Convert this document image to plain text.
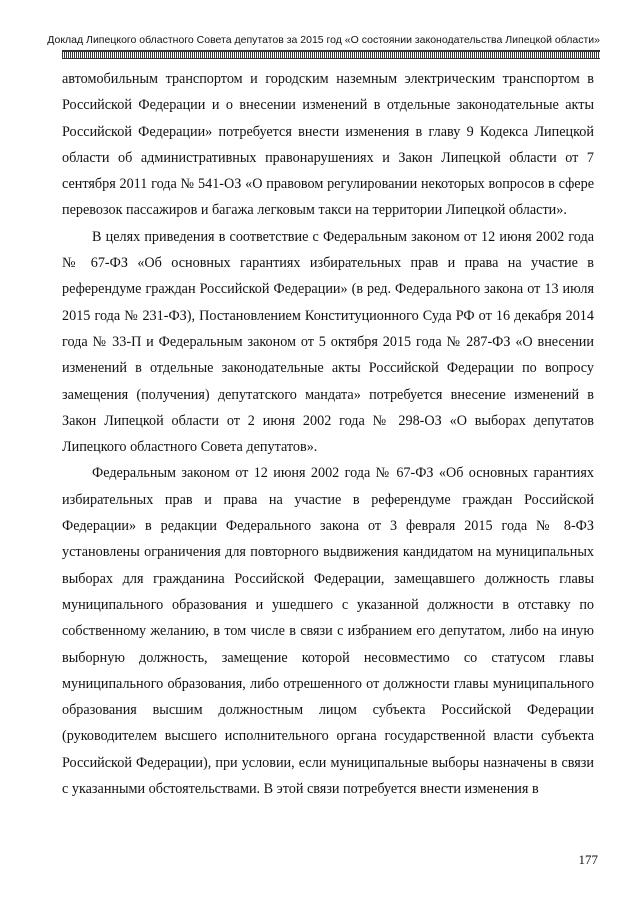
Доклад Липецкого областного Совета депутатов за 2015 год «О состоянии законодательства Липецкой области»

автомобильным транспортом и городским наземным электрическим транспортом в Российской Федерации и о внесении изменений в отдельные законодательные акты Российской Федерации» потребуется внести изменения в главу 9 Кодекса Липецкой области об административных правонарушениях и Закон Липецкой области от 7 сентября 2011 года № 541-ОЗ «О правовом регулировании некоторых вопросов в сфере перевозок пассажиров и багажа легковым такси на территории Липецкой области».

В целях приведения в соответствие с Федеральным законом от 12 июня 2002 года № 67-ФЗ «Об основных гарантиях избирательных прав и права на участие в референдуме граждан Российской Федерации» (в ред. Федерального закона от 13 июля 2015 года № 231-ФЗ), Постановлением Конституционного Суда РФ от 16 декабря 2014 года № 33-П и Федеральным законом от 5 октября 2015 года № 287-ФЗ «О внесении изменений в отдельные законодательные акты Российской Федерации по вопросу замещения (получения) депутатского мандата» потребуется внесение изменений в Закон Липецкой области от 2 июня 2002 года № 298-ОЗ «О выборах депутатов Липецкого областного Совета депутатов».

Федеральным законом от 12 июня 2002 года № 67-ФЗ «Об основных гарантиях избирательных прав и права на участие в референдуме граждан Российской Федерации» в редакции Федерального закона от 3 февраля 2015 года № 8-ФЗ установлены ограничения для повторного выдвижения кандидатом на муниципальных выборах для гражданина Российской Федерации, замещавшего должность главы муниципального образования и ушедшего с указанной должности в отставку по собственному желанию, в том числе в связи с избранием его депутатом, либо на иную выборную должность, замещение которой несовместимо со статусом главы муниципального образования, либо отрешенного от должности главы муниципального образования высшим должностным лицом субъекта Российской Федерации (руководителем высшего исполнительного органа государственной власти субъекта Российской Федерации), при условии, если муниципальные выборы назначены в связи с указанными обстоятельствами. В этой связи потребуется внести изменения в

177
